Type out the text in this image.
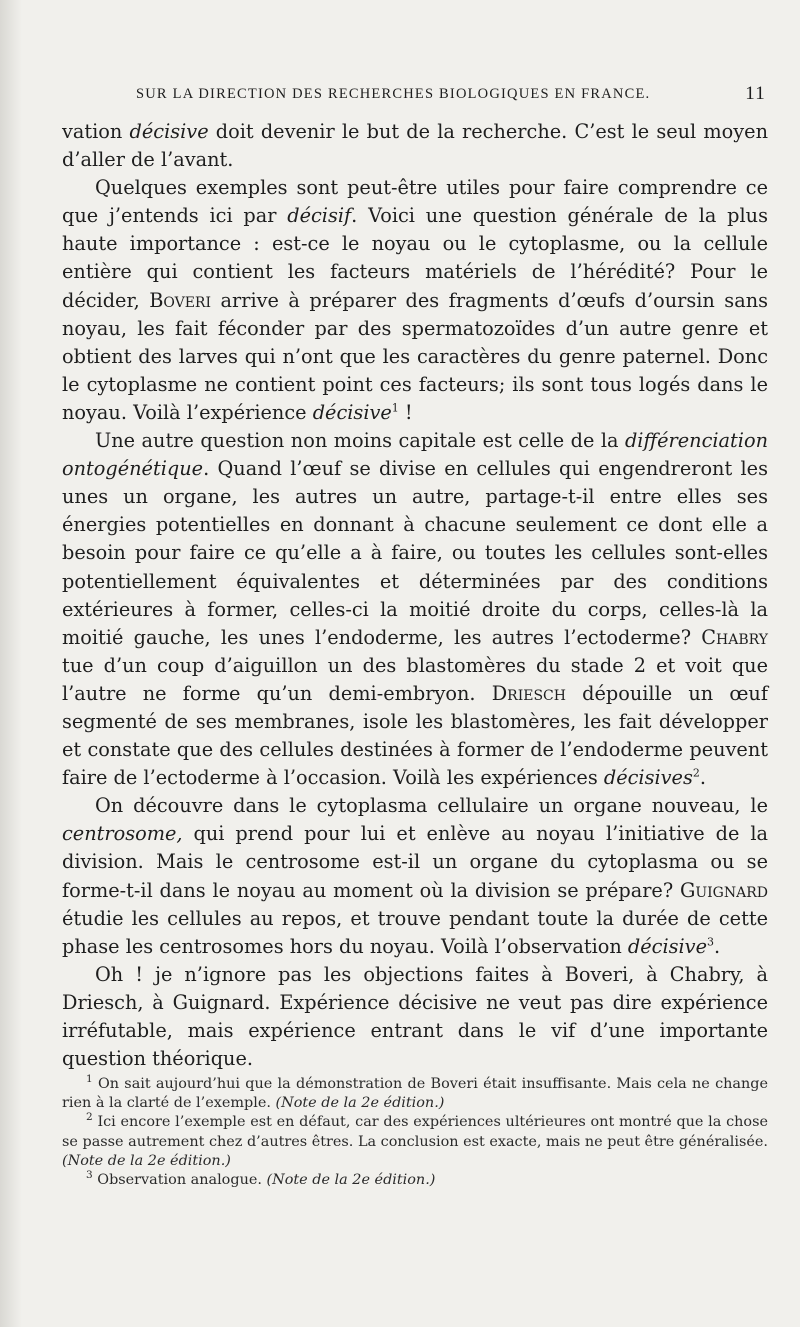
SUR LA DIRECTION DES RECHERCHES BIOLOGIQUES EN FRANCE.	11

vation décisive doit devenir le but de la recherche. C’est le seul moyen d’aller de l’avant.

Quelques exemples sont peut-être utiles pour faire comprendre ce que j’entends ici par décisif. Voici une question générale de la plus haute importance : est-ce le noyau ou le cytoplasme, ou la cellule entière qui contient les facteurs matériels de l’hérédité? Pour le décider, Boveri arrive à préparer des fragments d’œufs d’oursin sans noyau, les fait féconder par des spermatozoïdes d’un autre genre et obtient des larves qui n’ont que les caractères du genre paternel. Donc le cytoplasme ne contient point ces facteurs; ils sont tous logés dans le noyau. Voilà l’expérience décisive$^1$ !

Une autre question non moins capitale est celle de la différenciation ontogénétique. Quand l’œuf se divise en cellules qui engendreront les unes un organe, les autres un autre, partage-t-il entre elles ses énergies potentielles en donnant à chacune seulement ce dont elle a besoin pour faire ce qu’elle a à faire, ou toutes les cellules sont-elles potentiellement équivalentes et déterminées par des conditions extérieures à former, celles-ci la moitié droite du corps, celles-là la moitié gauche, les unes l’endoderme, les autres l’ectoderme? Chabry tue d’un coup d’aiguillon un des blastomères du stade 2 et voit que l’autre ne forme qu’un demi-embryon. Driesch dépouille un œuf segmenté de ses membranes, isole les blastomères, les fait développer et constate que des cellules destinées à former de l’endoderme peuvent faire de l’ectoderme à l’occasion. Voilà les expériences décisives$^2$.

On découvre dans le cytoplasma cellulaire un organe nouveau, le centrosome, qui prend pour lui et enlève au noyau l’initiative de la division. Mais le centrosome est-il un organe du cytoplasma ou se forme-t-il dans le noyau au moment où la division se prépare? Guignard étudie les cellules au repos, et trouve pendant toute la durée de cette phase les centrosomes hors du noyau. Voilà l’observation décisive$^3$.

Oh ! je n’ignore pas les objections faites à Boveri, à Chabry, à Driesch, à Guignard. Expérience décisive ne veut pas dire expérience irréfutable, mais expérience entrant dans le vif d’une importante question théorique.

$^1$ On sait aujourd’hui que la démonstration de Boveri était insuffisante. Mais cela ne change rien à la clarté de l’exemple. (Note de la 2e édition.)

$^2$ Ici encore l’exemple est en défaut, car des expériences ultérieures ont montré que la chose se passe autrement chez d’autres êtres. La conclusion est exacte, mais ne peut être généralisée. (Note de la 2e édition.)

$^3$ Observation analogue. (Note de la 2e édition.)
